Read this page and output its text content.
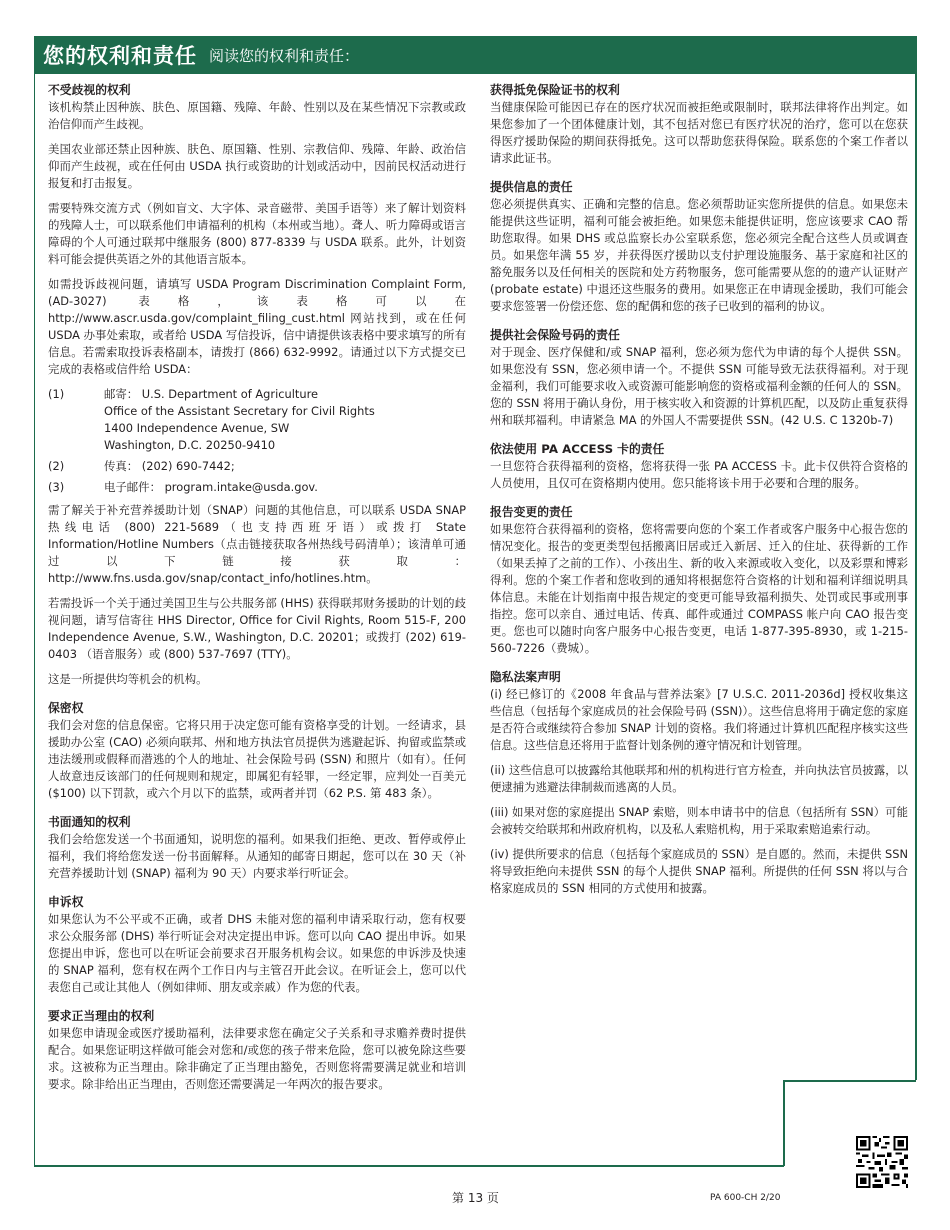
您的权利和责任 阅读您的权利和责任：
不受歧视的权利

该机构禁止因种族、肤色、原国籍、残障、年龄、性别以及在某些情况下宗教或政治信仰而产生歧视。

美国农业部还禁止因种族、肤色、原国籍、性别、宗教信仰、残障、年龄、政治信仰而产生歧视，或在任何由 USDA 执行或资助的计划或活动中，因前民权活动进行报复和打击报复。

需要特殊交流方式（例如盲文、大字体、录音磁带、美国手语等）来了解计划资料的残障人士，可以联系他们申请福利的机构（本州或当地）。聋人、听力障碍或语言障碍的个人可通过联邦中继服务 (800) 877-8339 与 USDA 联系。此外，计划资料可能会提供英语之外的其他语言版本。

如需投诉歧视问题，请填写 USDA Program Discrimination Complaint Form, (AD-3027) 表格，该表格可以在 http://www.ascr.usda.gov/complaint_filing_cust.html 网站找到，或在任何 USDA 办事处索取，或者给 USDA 写信投诉，信中请提供该表格中要求填写的所有信息。若需索取投诉表格副本，请拨打 (866) 632-9992。请通过以下方式提交已完成的表格或信件给 USDA：

(1)	邮寄： U.S. Department of Agriculture
Office of the Assistant Secretary for Civil Rights
1400 Independence Avenue, SW
Washington, D.C. 20250-9410
(2)	传真： (202) 690-7442;
(3)	电子邮件： program.intake@usda.gov.

需了解关于补充营养援助计划（SNAP）问题的其他信息，可以联系 USDA SNAP 热线电话 (800) 221-5689（也支持西班牙语）或拨打 State Information/Hotline Numbers（点击链接获取各州热线号码清单）；该清单可通过以下链接获取：http://www.fns.usda.gov/snap/contact_info/hotlines.htm。

若需投诉一个关于通过美国卫生与公共服务部 (HHS) 获得联邦财务援助的计划的歧视问题，请写信寄往 HHS Director, Office for Civil Rights, Room 515-F, 200 Independence Avenue, S.W., Washington, D.C. 20201；或拨打 (202) 619-0403 （语音服务）或 (800) 537-7697 (TTY)。

这是一所提供均等机会的机构。

保密权

我们会对您的信息保密。它将只用于决定您可能有资格享受的计划。一经请求，县援助办公室 (CAO) 必须向联邦、州和地方执法官员提供为逃避起诉、拘留或监禁或违法缓刑或假释而潜逃的个人的地址、社会保险号码 (SSN) 和照片（如有）。任何人故意违反该部门的任何规则和规定，即属犯有轻罪，一经定罪，应判处一百美元 ($100) 以下罚款，或六个月以下的监禁，或两者并罚（62 P.S. 第 483 条）。

书面通知的权利

我们会给您发送一个书面通知，说明您的福利。如果我们拒绝、更改、暂停或停止福利，我们将给您发送一份书面解释。从通知的邮寄日期起，您可以在 30 天（补充营养援助计划 (SNAP) 福利为 90 天）内要求举行听证会。

申诉权

如果您认为不公平或不正确，或者 DHS 未能对您的福利申请采取行动，您有权要求公众服务部 (DHS) 举行听证会对决定提出申诉。您可以向 CAO 提出申诉。如果您提出申诉，您也可以在听证会前要求召开服务机构会议。如果您的申诉涉及快速的 SNAP 福利，您有权在两个工作日内与主管召开此会议。在听证会上，您可以代表您自己或让其他人（例如律师、朋友或亲戚）作为您的代表。

要求正当理由的权利

如果您申请现金或医疗援助福利，法律要求您在确定父子关系和寻求赡养费时提供配合。如果您证明这样做可能会对您和/或您的孩子带来危险，您可以被免除这些要求。这被称为正当理由。除非确定了正当理由豁免，否则您将需要满足就业和培训要求。除非给出正当理由，否则您还需要满足一年两次的报告要求。

获得抵免保险证书的权利

当健康保险可能因已存在的医疗状况而被拒绝或限制时，联邦法律将作出判定。如果您参加了一个团体健康计划，其不包括对您已有医疗状况的治疗，您可以在您获得医疗援助保险的期间获得抵免。这可以帮助您获得保险。联系您的个案工作者以请求此证书。

提供信息的责任

您必须提供真实、正确和完整的信息。您必须帮助证实您所提供的信息。如果您未能提供这些证明，福利可能会被拒绝。如果您未能提供证明，您应该要求 CAO 帮助您取得。如果 DHS 或总监察长办公室联系您，您必须完全配合这些人员或调查员。如果您年满 55 岁，并获得医疗援助以支付护理设施服务、基于家庭和社区的豁免服务以及任何相关的医院和处方药物服务，您可能需要从您的的遗产认证财产 (probate estate) 中退还这些服务的费用。如果您正在申请现金援助，我们可能会要求您签署一份偿还您、您的配偶和您的孩子已收到的福利的协议。

提供社会保险号码的责任

对于现金、医疗保健和/或 SNAP 福利，您必须为您代为申请的每个人提供 SSN。如果您没有 SSN，您必须申请一个。不提供 SSN 可能导致无法获得福利。对于现金福利，我们可能要求收入或资源可能影响您的资格或福利金额的任何人的 SSN。您的 SSN 将用于确认身份，用于核实收入和资源的计算机匹配，以及防止重复获得州和联邦福利。申请紧急 MA 的外国人不需要提供 SSN。(42 U.S. C 1320b-7)

依法使用 PA ACCESS 卡的责任

一旦您符合获得福利的资格，您将获得一张 PA ACCESS 卡。此卡仅供符合资格的人员使用，且仅可在资格期内使用。您只能将该卡用于必要和合理的服务。

报告变更的责任

如果您符合获得福利的资格，您将需要向您的个案工作者或客户服务中心报告您的情况变化。报告的变更类型包括搬离旧居或迁入新居、迁入的住址、获得新的工作（如果丢掉了之前的工作）、小孩出生、新的收入来源或收入变化，以及彩票和博彩得利。您的个案工作者和您收到的通知将根据您符合资格的计划和福利详细说明具体信息。未能在计划指南中报告规定的变更可能导致福利损失、处罚或民事或刑事指控。您可以亲自、通过电话、传真、邮件或通过 COMPASS 帐户向 CAO 报告变更。您也可以随时向客户服务中心报告变更，电话 1-877-395-8930，或 1-215-560-7226（费城）。

隐私法案声明

(i) 经已修订的《2008 年食品与营养法案》[7 U.S.C. 2011-2036d] 授权收集这些信息（包括每个家庭成员的社会保险号码 (SSN)）。这些信息将用于确定您的家庭是否符合或继续符合参加 SNAP 计划的资格。我们将通过计算机匹配程序核实这些信息。这些信息还将用于监督计划条例的遵守情况和计划管理。

(ii) 这些信息可以披露给其他联邦和州的机构进行官方检查，并向执法官员披露，以便逮捕为逃避法律制裁而逃离的人员。

(iii) 如果对您的家庭提出 SNAP 索赔，则本申请书中的信息（包括所有 SSN）可能会被转交给联邦和州政府机构，以及私人索赔机构，用于采取索赔追索行动。

(iv) 提供所要求的信息（包括每个家庭成员的 SSN）是自愿的。然而，未提供 SSN 将导致拒绝向未提供 SSN 的每个人提供 SNAP 福利。所提供的任何 SSN 将以与合格家庭成员的 SSN 相同的方式使用和披露。

第 13 页	PA 600-CH 2/20
